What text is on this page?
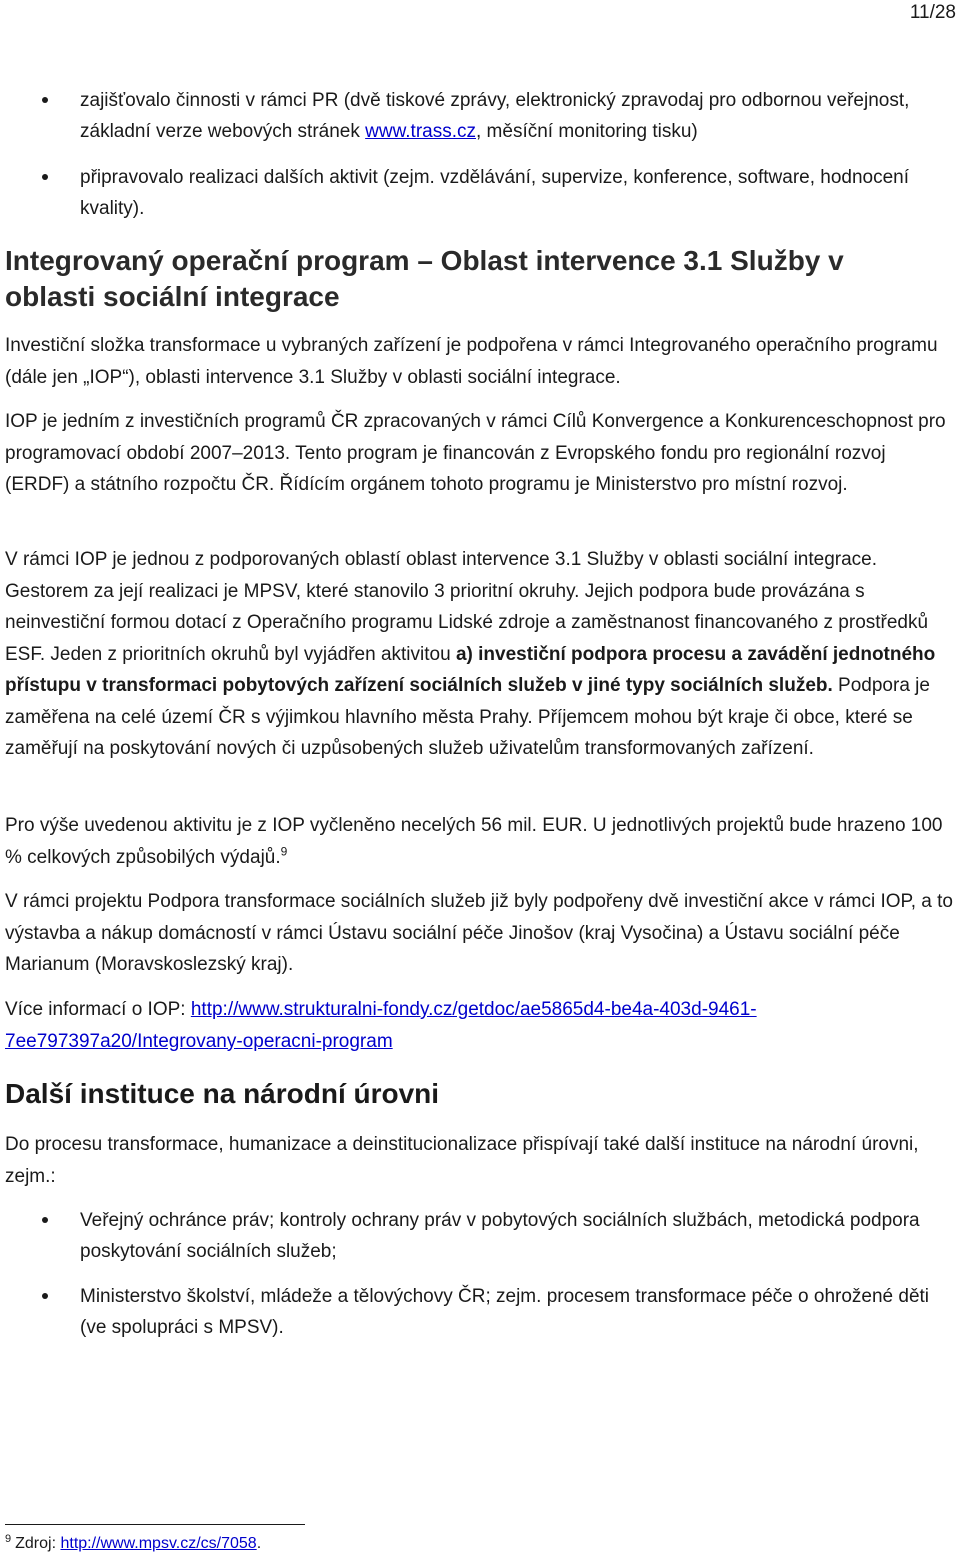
11/28
zajišťovalo činnosti v rámci PR (dvě tiskové zprávy, elektronický zpravodaj pro odbornou veřejnost, základní verze webových stránek www.trass.cz, měsíční monitoring tisku)
připravovalo realizaci dalších aktivit (zejm. vzdělávání, supervize, konference, software, hodnocení kvality).
Integrovaný operační program – Oblast intervence 3.1 Služby v oblasti sociální integrace

Investiční složka transformace u vybraných zařízení je podpořena v rámci Integrovaného operačního programu (dále jen „IOP“), oblasti intervence 3.1 Služby v oblasti sociální integrace.

IOP je jedním z investičních programů ČR zpracovaných v rámci Cílů Konvergence a Konkurenceschopnost pro programovací období 2007–2013. Tento program je financován z Evropského fondu pro regionální rozvoj (ERDF) a státního rozpočtu ČR. Řídícím orgánem tohoto programu je Ministerstvo pro místní rozvoj.

V rámci IOP je jednou z podporovaných oblastí oblast intervence 3.1 Služby v oblasti sociální integrace. Gestorem za její realizaci je MPSV, které stanovilo 3 prioritní okruhy. Jejich podpora bude provázána s neinvestiční formou dotací z Operačního programu Lidské zdroje a zaměstnanost financovaného z prostředků ESF. Jeden z prioritních okruhů byl vyjádřen aktivitou a) investiční podpora procesu a zavádění jednotného přístupu v transformaci pobytových zařízení sociálních služeb v jiné typy sociálních služeb. Podpora je zaměřena na celé území ČR s výjimkou hlavního města Prahy. Příjemcem mohou být kraje či obce, které se zaměřují na poskytování nových či uzpůsobených služeb uživatelům transformovaných zařízení.

Pro výše uvedenou aktivitu je z IOP vyčleněno necelých 56 mil. EUR. U jednotlivých projektů bude hrazeno 100 % celkových způsobilých výdajů.$^9$

V rámci projektu Podpora transformace sociálních služeb již byly podpořeny dvě investiční akce v rámci IOP, a to výstavba a nákup domácností v rámci Ústavu sociální péče Jinošov (kraj Vysočina) a Ústavu sociální péče Marianum (Moravskoslezský kraj).

Více informací o IOP: http://www.strukturalni-fondy.cz/getdoc/ae5865d4-be4a-403d-9461-7ee797397a20/Integrovany-operacni-program

Další instituce na národní úrovni

Do procesu transformace, humanizace a deinstitucionalizace přispívají také další instituce na národní úrovni, zejm.:

Veřejný ochránce práv; kontroly ochrany práv v pobytových sociálních službách, metodická podpora poskytování sociálních služeb;
Ministerstvo školství, mládeže a tělovýchovy ČR; zejm. procesem transformace péče o ohrožené děti (ve spolupráci s MPSV).

$^9$ Zdroj: http://www.mpsv.cz/cs/7058.
